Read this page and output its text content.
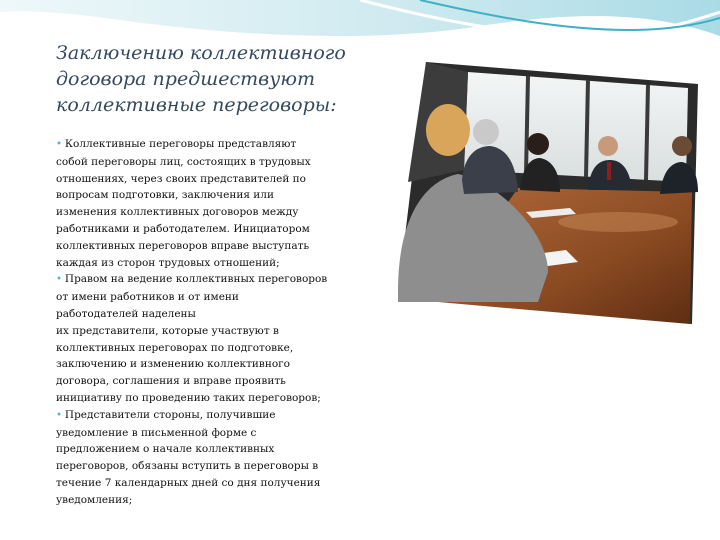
Заключению коллективного
договора предшествуют
коллективные переговоры:

• Коллективные переговоры представляют
собой переговоры лиц, состоящих в трудовых
отношениях, через своих представителей по
вопросам подготовки, заключения или
изменения коллективных договоров между
работниками и работодателем. Инициатором
коллективных переговоров вправе выступать
каждая из сторон трудовых отношений;

• Правом на ведение коллективных переговоров
от имени работников и от имени
работодателей наделены
их представители, которые участвуют в
коллективных переговорах по подготовке,
заключению и изменению коллективного
договора, соглашения и вправе проявить
инициативу по проведению таких переговоров;

• Представители стороны, получившие
уведомление в письменной форме с
предложением о начале коллективных
переговоров, обязаны вступить в переговоры в
течение 7 календарных дней со дня получения
уведомления;
